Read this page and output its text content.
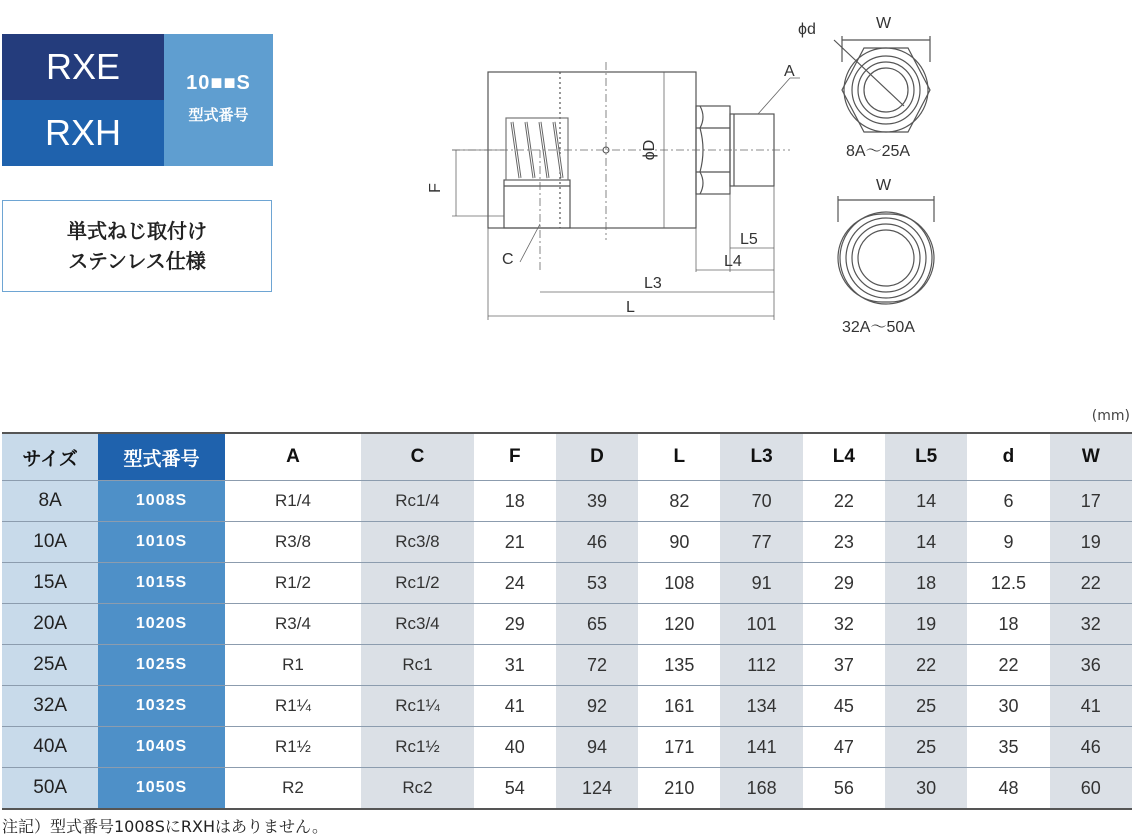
RXE
RXH
10■■S
型式番号
単式ねじ取付け
ステンレス仕様
F
ϕD
A
C
L5
L4
L3
L
ϕd	W
W
8A〜25A
32A〜50A
(mm)
サイズ	型式番号	A	C	F	D	L	L3	L4	L5	d	W
8A	1008S	R1/4	Rc1/4	18	39	82	70	22	14	6	17
10A	1010S	R3/8	Rc3/8	21	46	90	77	23	14	9	19
15A	1015S	R1/2	Rc1/2	24	53	108	91	29	18	12.5	22
20A	1020S	R3/4	Rc3/4	29	65	120	101	32	19	18	32
25A	1025S	R1	Rc1	31	72	135	112	37	22	22	36
32A	1032S	R1¼	Rc1¼	41	92	161	134	45	25	30	41
40A	1040S	R1½	Rc1½	40	94	171	141	47	25	35	46
50A	1050S	R2	Rc2	54	124	210	168	56	30	48	60
注記）型式番号1008SにRXHはありません。
